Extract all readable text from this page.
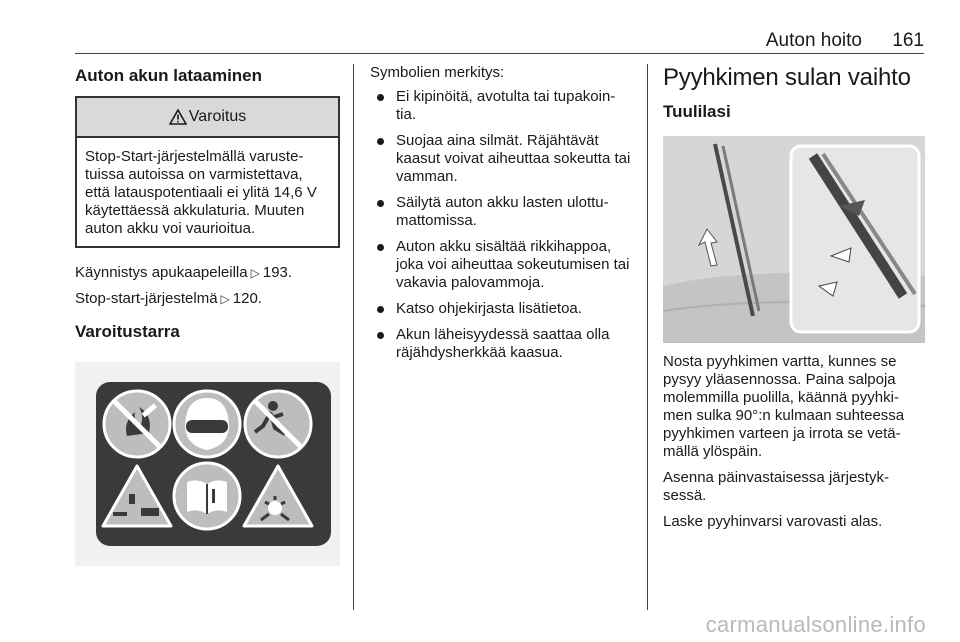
Auton hoito 161
Auton akun lataaminen
Varoitus
Stop-Start-järjestelmällä varuste-tuissa autoissa on varmistettava, että latauspotentiaali ei ylitä 14,6 V käytettäessä akkulaturia. Muuten auton akku voi vaurioitua.

Käynnistys apukaapeleilla ▷ 193.

Stop-start-järjestelmä ▷ 120.

Varoitustarra

Symbolien merkitys:

Ei kipinöitä, avotulta tai tupakoin-tia.
Suojaa aina silmät. Räjähtävät kaasut voivat aiheuttaa sokeutta tai vamman.
Säilytä auton akku lasten ulottu-mattomissa.
Auton akku sisältää rikkihappoa, joka voi aiheuttaa sokeutumisen tai vakavia palovammoja.
Katso ohjekirjasta lisätietoa.
Akun läheisyydessä saattaa olla räjähdysherkkää kaasua.
Pyyhkimen sulan vaihto
Tuulilasi

Nosta pyyhkimen vartta, kunnes se pysyy yläasennossa. Paina salpoja molemmilla puolilla, käännä pyyhki-men sulka 90°:n kulmaan suhteessa pyyhkimen varteen ja irrota se vetä-mällä ylöspäin.

Asenna päinvastaisessa järjestyk-sessä.

Laske pyyhinvarsi varovasti alas.

carmanualsonline.info
